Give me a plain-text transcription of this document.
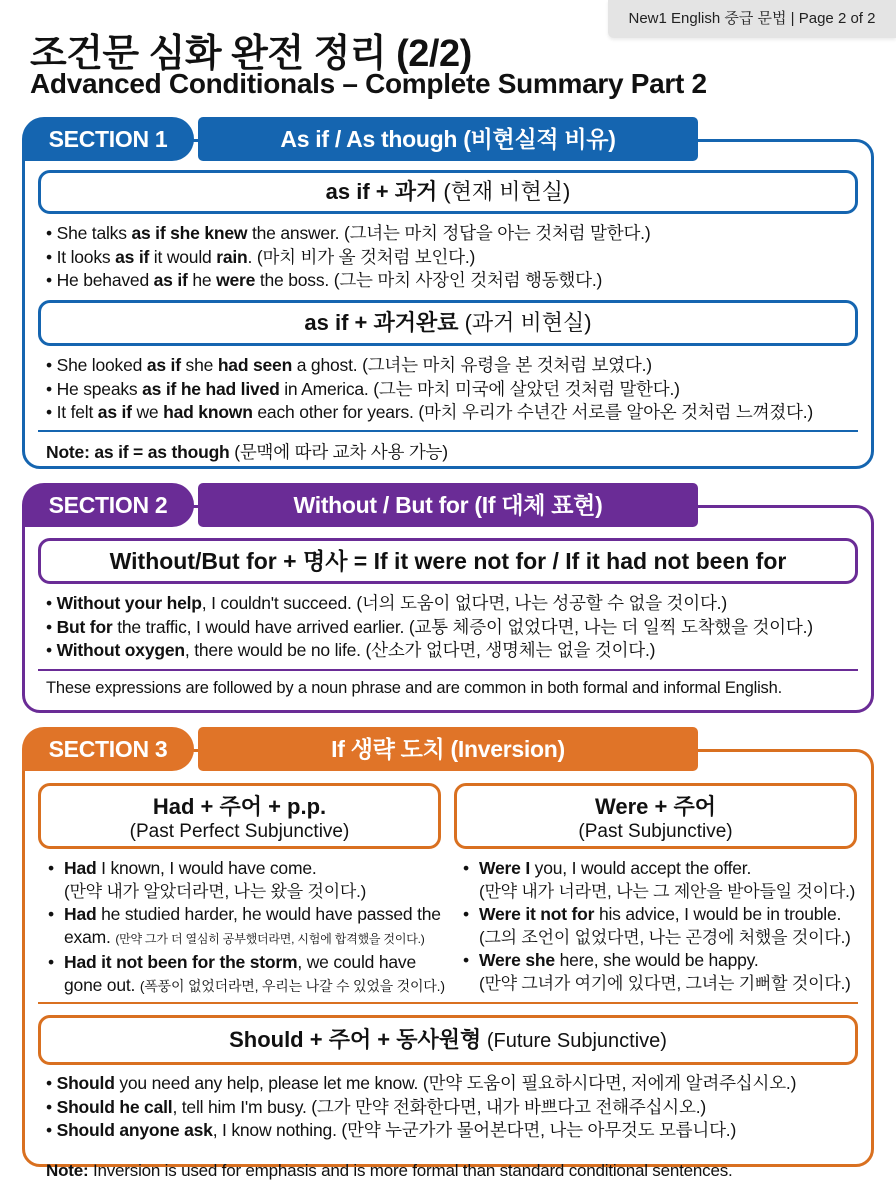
New1 English 중급 문법 | Page 2 of 2
조건문 심화 완전 정리 (2/2)
Advanced Conditionals – Complete Summary Part 2
SECTION 1	As if / As though (비현실적 비유)
as if + 과거 (현재 비현실)
• She talks as if she knew the answer. (그녀는 마치 정답을 아는 것처럼 말한다.)
• It looks as if it would rain. (마치 비가 올 것처럼 보인다.)
• He behaved as if he were the boss. (그는 마치 사장인 것처럼 행동했다.)
as if + 과거완료 (과거 비현실)
• She looked as if she had seen a ghost. (그녀는 마치 유령을 본 것처럼 보였다.)
• He speaks as if he had lived in America. (그는 마치 미국에 살았던 것처럼 말한다.)
• It felt as if we had known each other for years. (마치 우리가 수년간 서로를 알아온 것처럼 느껴졌다.)
Note: as if = as though (문맥에 따라 교차 사용 가능)
SECTION 2	Without / But for (If 대체 표현)
Without/But for + 명사 = If it were not for / If it had not been for
• Without your help, I couldn't succeed. (너의 도움이 없다면, 나는 성공할 수 없을 것이다.)
• But for the traffic, I would have arrived earlier. (교통 체증이 없었다면, 나는 더 일찍 도착했을 것이다.)
• Without oxygen, there would be no life. (산소가 없다면, 생명체는 없을 것이다.)
These expressions are followed by a noun phrase and are common in both formal and informal English.
SECTION 3	If 생략 도치 (Inversion)
Had + 주어 + p.p.
(Past Perfect Subjunctive)
• Had I known, I would have come.
(만약 내가 알았더라면, 나는 왔을 것이다.)
• Had he studied harder, he would have passed the exam. (만약 그가 더 열심히 공부했더라면, 시험에 합격했을 것이다.)
• Had it not been for the storm, we could have gone out. (폭풍이 없었더라면, 우리는 나갈 수 있었을 것이다.)
Were + 주어
(Past Subjunctive)
• Were I you, I would accept the offer.
(만약 내가 너라면, 나는 그 제안을 받아들일 것이다.)
• Were it not for his advice, I would be in trouble.
(그의 조언이 없었다면, 나는 곤경에 처했을 것이다.)
• Were she here, she would be happy.
(만약 그녀가 여기에 있다면, 그녀는 기뻐할 것이다.)
Should + 주어 + 동사원형 (Future Subjunctive)
• Should you need any help, please let me know. (만약 도움이 필요하시다면, 저에게 알려주십시오.)
• Should he call, tell him I'm busy. (그가 만약 전화한다면, 내가 바쁘다고 전해주십시오.)
• Should anyone ask, I know nothing. (만약 누군가가 물어본다면, 나는 아무것도 모릅니다.)
Note: Inversion is used for emphasis and is more formal than standard conditional sentences.
